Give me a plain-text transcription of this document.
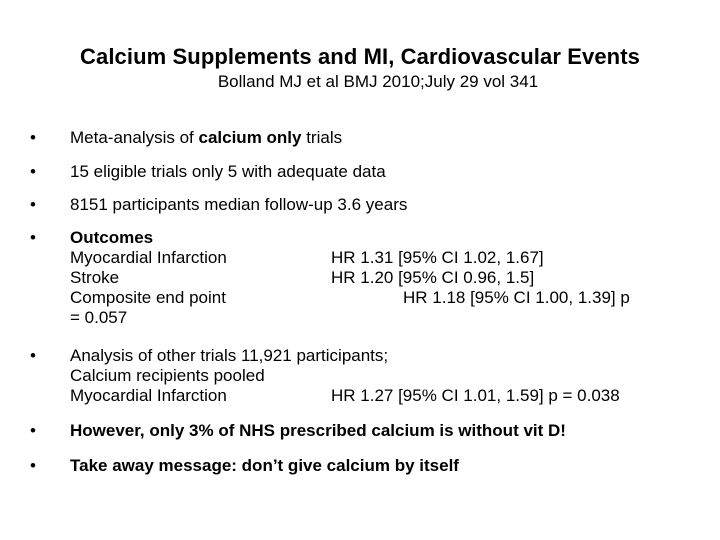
Calcium Supplements and MI, Cardiovascular Events
Bolland MJ et al BMJ 2010;July 29 vol 341
•	Meta-analysis of calcium only trials
•	15 eligible trials only 5 with adequate data
•	8151 participants median follow-up 3.6 years
•	Outcomes
Myocardial Infarction	HR 1.31 [95% CI 1.02, 1.67]
Stroke	HR 1.20 [95% CI 0.96, 1.5]
Composite end point	HR 1.18 [95% CI 1.00, 1.39] p
= 0.057
•	Analysis of other trials 11,921 participants;
Calcium recipients pooled
Myocardial Infarction	HR 1.27 [95% CI 1.01, 1.59] p = 0.038
•	However, only 3% of NHS prescribed calcium is without vit D!
•	Take away message: don’t give calcium by itself
